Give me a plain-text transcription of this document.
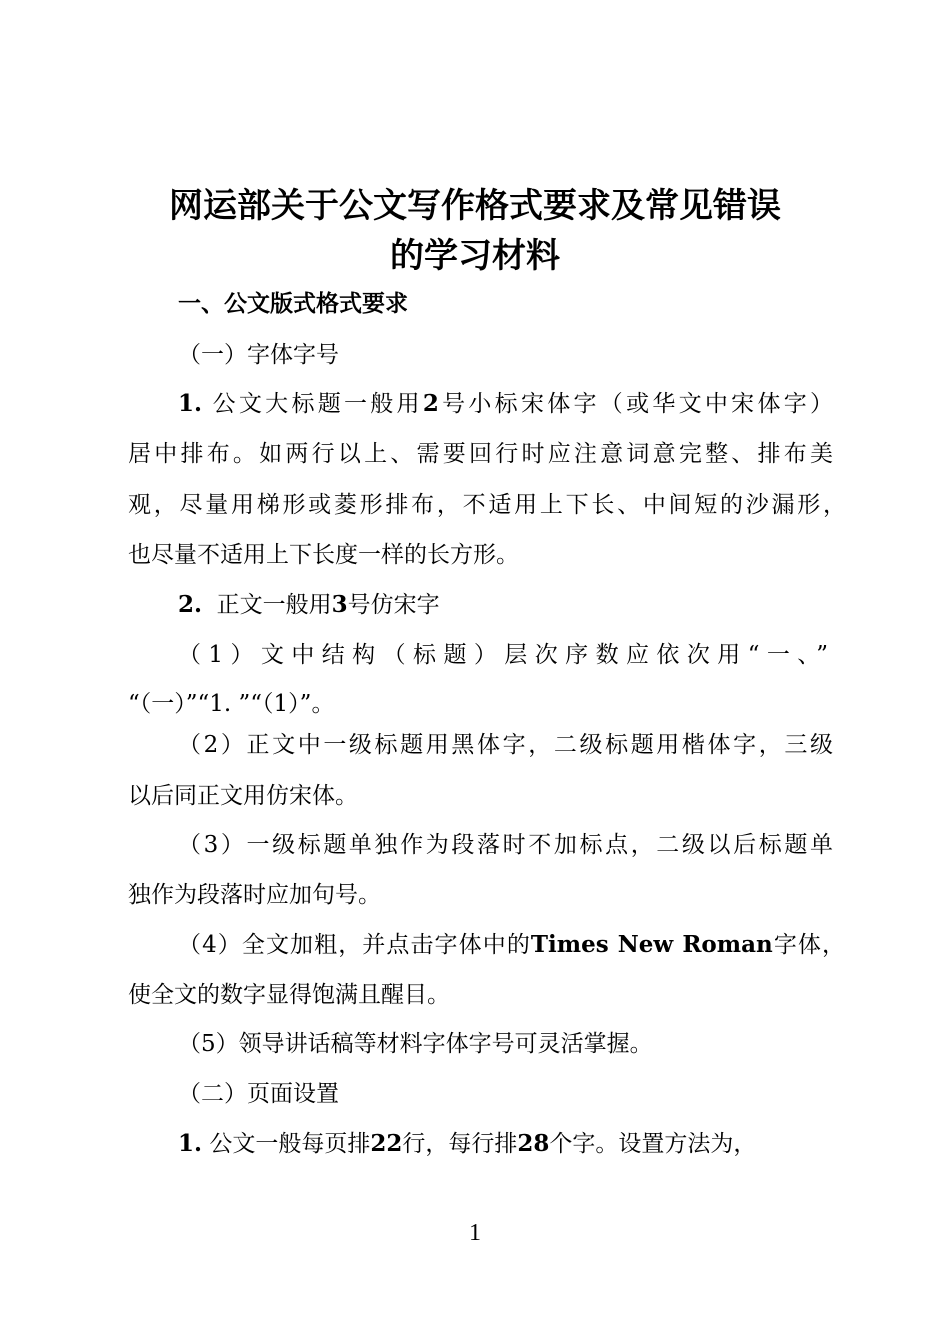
网运部关于公文写作格式要求及常见错误
的学习材料
一、公文版式格式要求
（一）字体字号
1. 公文大标题一般用2号小标宋体字（或华文中宋体字）
居中排布。如两行以上、需要回行时应注意词意完整、排布美
观，尽量用梯形或菱形排布，不适用上下长、中间短的沙漏形，
也尽量不适用上下长度一样的长方形。
2. 正文一般用3号仿宋字
（1）文中结构（标题）层次序数应依次用“一、”
“（一）”“1. ”“（1）”。
（2）正文中一级标题用黑体字，二级标题用楷体字，三级
以后同正文用仿宋体。
（3）一级标题单独作为段落时不加标点，二级以后标题单
独作为段落时应加句号。
（4）全文加粗，并点击字体中的Times New Roman字体，
使全文的数字显得饱满且醒目。
（5）领导讲话稿等材料字体字号可灵活掌握。
（二）页面设置
1. 公文一般每页排22行，每行排28个字。设置方法为，
1
